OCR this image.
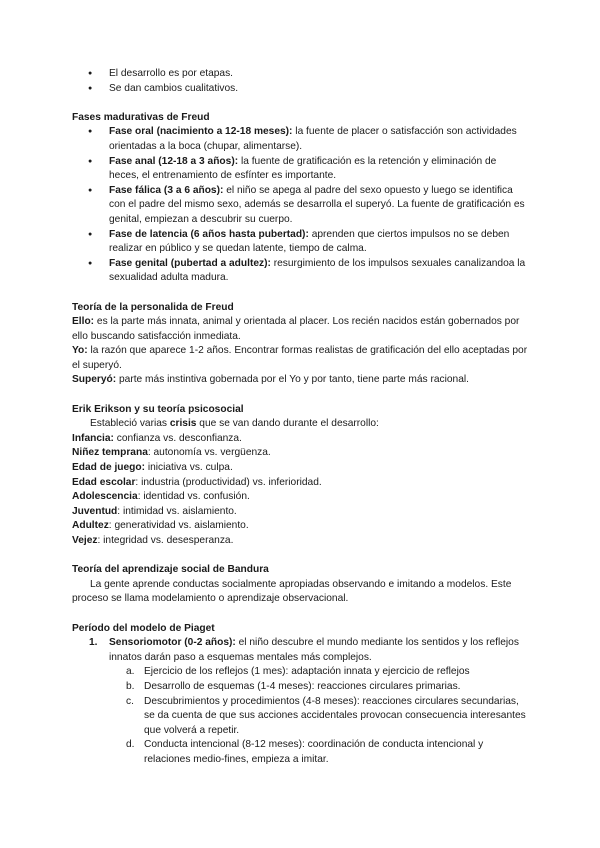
● El desarrollo es por etapas.
● Se dan cambios cualitativos.
Fases madurativas de Freud
● Fase oral (nacimiento a 12-18 meses): la fuente de placer o satisfacción son actividades orientadas a la boca (chupar, alimentarse).
● Fase anal (12-18 a 3 años): la fuente de gratificación es la retención y eliminación de heces, el entrenamiento de esfínter es importante.
● Fase fálica (3 a 6 años): el niño se apega al padre del sexo opuesto y luego se identifica con el padre del mismo sexo, además se desarrolla el superyó. La fuente de gratificación es genital, empiezan a descubrir su cuerpo.
● Fase de latencia (6 años hasta pubertad): aprenden que ciertos impulsos no se deben realizar en público y se quedan latente, tiempo de calma.
● Fase genital (pubertad a adultez): resurgimiento de los impulsos sexuales canalizandoa la sexualidad adulta madura.
Teoría de la personalida de Freud

Ello: es la parte más innata, animal y orientada al placer. Los recién nacidos están gobernados por ello buscando satisfacción inmediata.

Yo: la razón que aparece 1-2 años. Encontrar formas realistas de gratificación del ello aceptadas por el superyó.

Superyó: parte más instintiva gobernada por el Yo y por tanto, tiene parte más racional.

Erik Erikson y su teoría psicosocial

Estableció varias crisis que se van dando durante el desarrollo:

Infancia: confianza vs. desconfianza.

Niñez temprana: autonomía vs. vergüenza.

Edad de juego: iniciativa vs. culpa.

Edad escolar: industria (productividad) vs. inferioridad.

Adolescencia: identidad vs. confusión.

Juventud: intimidad vs. aislamiento.

Adultez: generatividad vs. aislamiento.

Vejez: integridad vs. desesperanza.

Teoría del aprendizaje social de Bandura

La gente aprende conductas socialmente apropiadas observando e imitando a modelos. Este proceso se llama modelamiento o aprendizaje observacional.

Período del modelo de Piaget
1. Sensoriomotor (0-2 años): el niño descubre el mundo mediante los sentidos y los reflejos innatos darán paso a esquemas mentales más complejos.
a. Ejercicio de los reflejos (1 mes): adaptación innata y ejercicio de reflejos
b. Desarrollo de esquemas (1-4 meses): reacciones circulares primarias.
c. Descubrimientos y procedimientos (4-8 meses): reacciones circulares secundarias, se da cuenta de que sus acciones accidentales provocan consecuencia interesantes que volverá a repetir.
d. Conducta intencional (8-12 meses): coordinación de conducta intencional y relaciones medio-fines, empieza a imitar.
